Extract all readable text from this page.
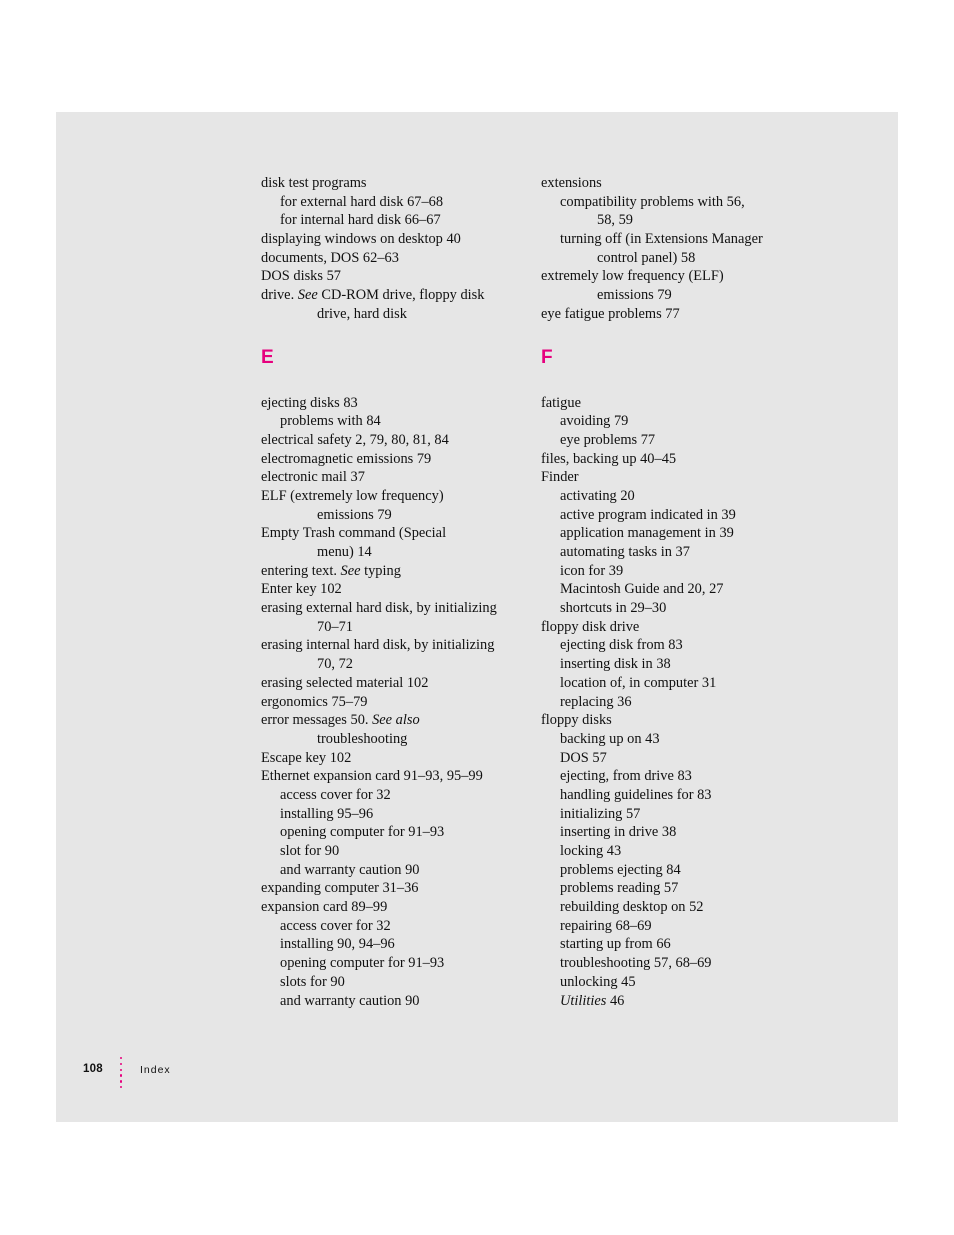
disk test programs
for external hard disk 67–68
for internal hard disk 66–67
displaying windows on desktop 40
documents, DOS 62–63
DOS disks 57
drive. See CD-ROM drive, floppy disk
drive, hard disk
E
ejecting disks 83
problems with 84
electrical safety 2, 79, 80, 81, 84
electromagnetic emissions 79
electronic mail 37
ELF (extremely low frequency)
emissions 79
Empty Trash command (Special
menu) 14
entering text. See typing
Enter key 102
erasing external hard disk, by initializing
70–71
erasing internal hard disk, by initializing
70, 72
erasing selected material 102
ergonomics 75–79
error messages 50. See also
troubleshooting
Escape key 102
Ethernet expansion card 91–93, 95–99
access cover for 32
installing 95–96
opening computer for 91–93
slot for 90
and warranty caution 90
expanding computer 31–36
expansion card 89–99
access cover for 32
installing 90, 94–96
opening computer for 91–93
slots for 90
and warranty caution 90
extensions
compatibility problems with 56,
58, 59
turning off (in Extensions Manager
control panel) 58
extremely low frequency (ELF)
emissions 79
eye fatigue problems 77
F
fatigue
avoiding 79
eye problems 77
files, backing up 40–45
Finder
activating 20
active program indicated in 39
application management in 39
automating tasks in 37
icon for 39
Macintosh Guide and 20, 27
shortcuts in 29–30
floppy disk drive
ejecting disk from 83
inserting disk in 38
location of, in computer 31
replacing 36
floppy disks
backing up on 43
DOS 57
ejecting, from drive 83
handling guidelines for 83
initializing 57
inserting in drive 38
locking 43
problems ejecting 84
problems reading 57
rebuilding desktop on 52
repairing 68–69
starting up from 66
troubleshooting 57, 68–69
unlocking 45
Utilities 46
108	Index
